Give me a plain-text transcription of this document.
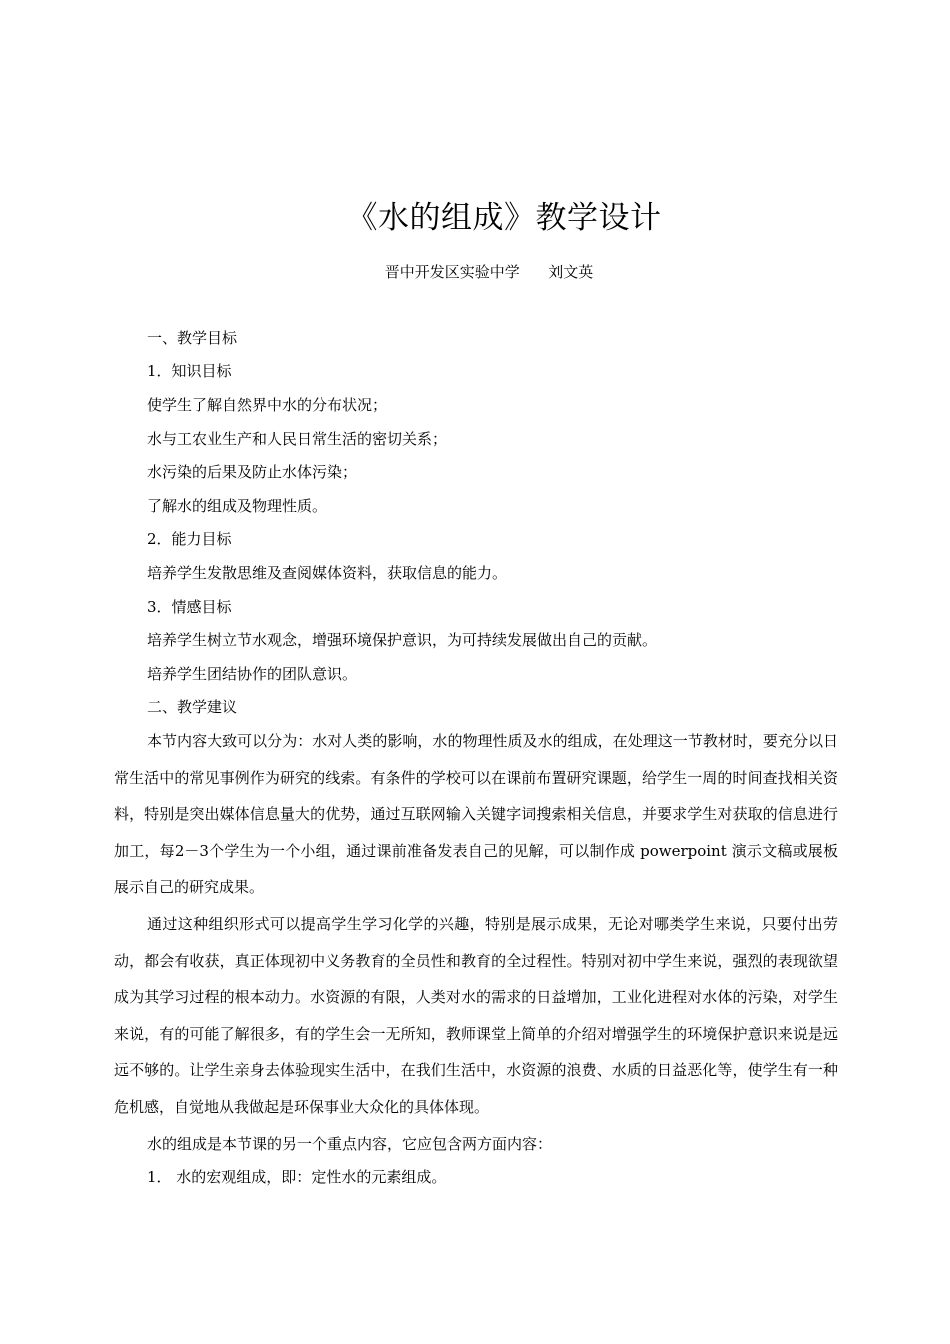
《水的组成》教学设计
晋中开发区实验中学      刘文英
一、教学目标
1．知识目标
使学生了解自然界中水的分布状况；
水与工农业生产和人民日常生活的密切关系；
水污染的后果及防止水体污染；
了解水的组成及物理性质。
2．能力目标
培养学生发散思维及查阅媒体资料，获取信息的能力。
3．情感目标
培养学生树立节水观念，增强环境保护意识，为可持续发展做出自己的贡献。
培养学生团结协作的团队意识。
二、教学建议
本节内容大致可以分为：水对人类的影响，水的物理性质及水的组成，在处理这一节教材时，要充分以日常生活中的常见事例作为研究的线索。有条件的学校可以在课前布置研究课题，给学生一周的时间查找相关资料，特别是突出媒体信息量大的优势，通过互联网输入关键字词搜索相关信息，并要求学生对获取的信息进行加工，每2－3个学生为一个小组，通过课前准备发表自己的见解，可以制作成 powerpoint 演示文稿或展板展示自己的研究成果。
通过这种组织形式可以提高学生学习化学的兴趣，特别是展示成果，无论对哪类学生来说，只要付出劳动，都会有收获，真正体现初中义务教育的全员性和教育的全过程性。特别对初中学生来说，强烈的表现欲望成为其学习过程的根本动力。水资源的有限，人类对水的需求的日益增加，工业化进程对水体的污染，对学生来说，有的可能了解很多，有的学生会一无所知，教师课堂上简单的介绍对增强学生的环境保护意识来说是远远不够的。让学生亲身去体验现实生活中，在我们生活中，水资源的浪费、水质的日益恶化等，使学生有一种危机感，自觉地从我做起是环保事业大众化的具体体现。
水的组成是本节课的另一个重点内容，它应包含两方面内容：
1． 水的宏观组成，即：定性水的元素组成。
